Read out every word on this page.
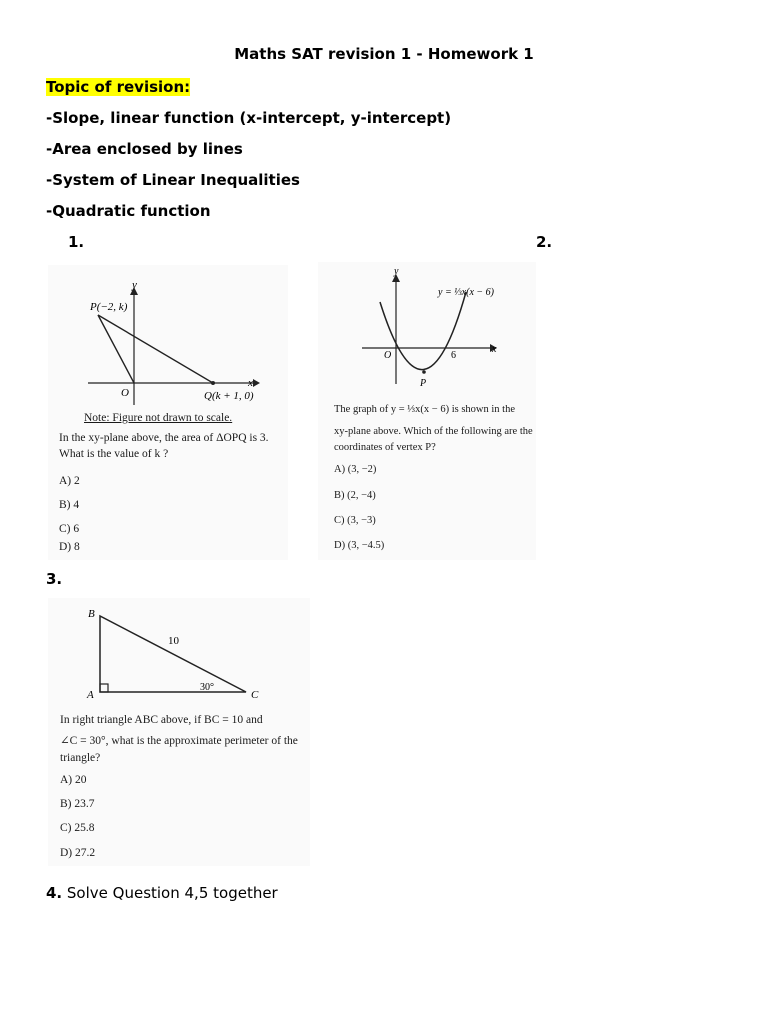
Maths SAT revision 1 - Homework 1
Topic of revision:
-Slope, linear function (x-intercept, y-intercept)
-Area enclosed by lines
-System of Linear Inequalities
-Quadratic function
1.	2.
y
x
O
P(−2, k)
Q(k + 1, 0)
Note: Figure not drawn to scale.
In the xy-plane above, the area of ΔOPQ is 3.
What is the value of k ?
A) 2
B) 4
C) 6
D) 8
y
x
O	6
P
y = ⅓x(x − 6)
The graph of y = ⅓x(x − 6) is shown in the
xy-plane above. Which of the following are the
coordinates of vertex P?
A) (3, −2)
B) (2, −4)
C) (3, −3)
D) (3, −4.5)
3.
B
A	C
10
30°
In right triangle ABC above, if BC = 10 and
∠C = 30°, what is the approximate perimeter of the
triangle?
A) 20
B) 23.7
C) 25.8
D) 27.2
4. Solve Question 4,5 together
